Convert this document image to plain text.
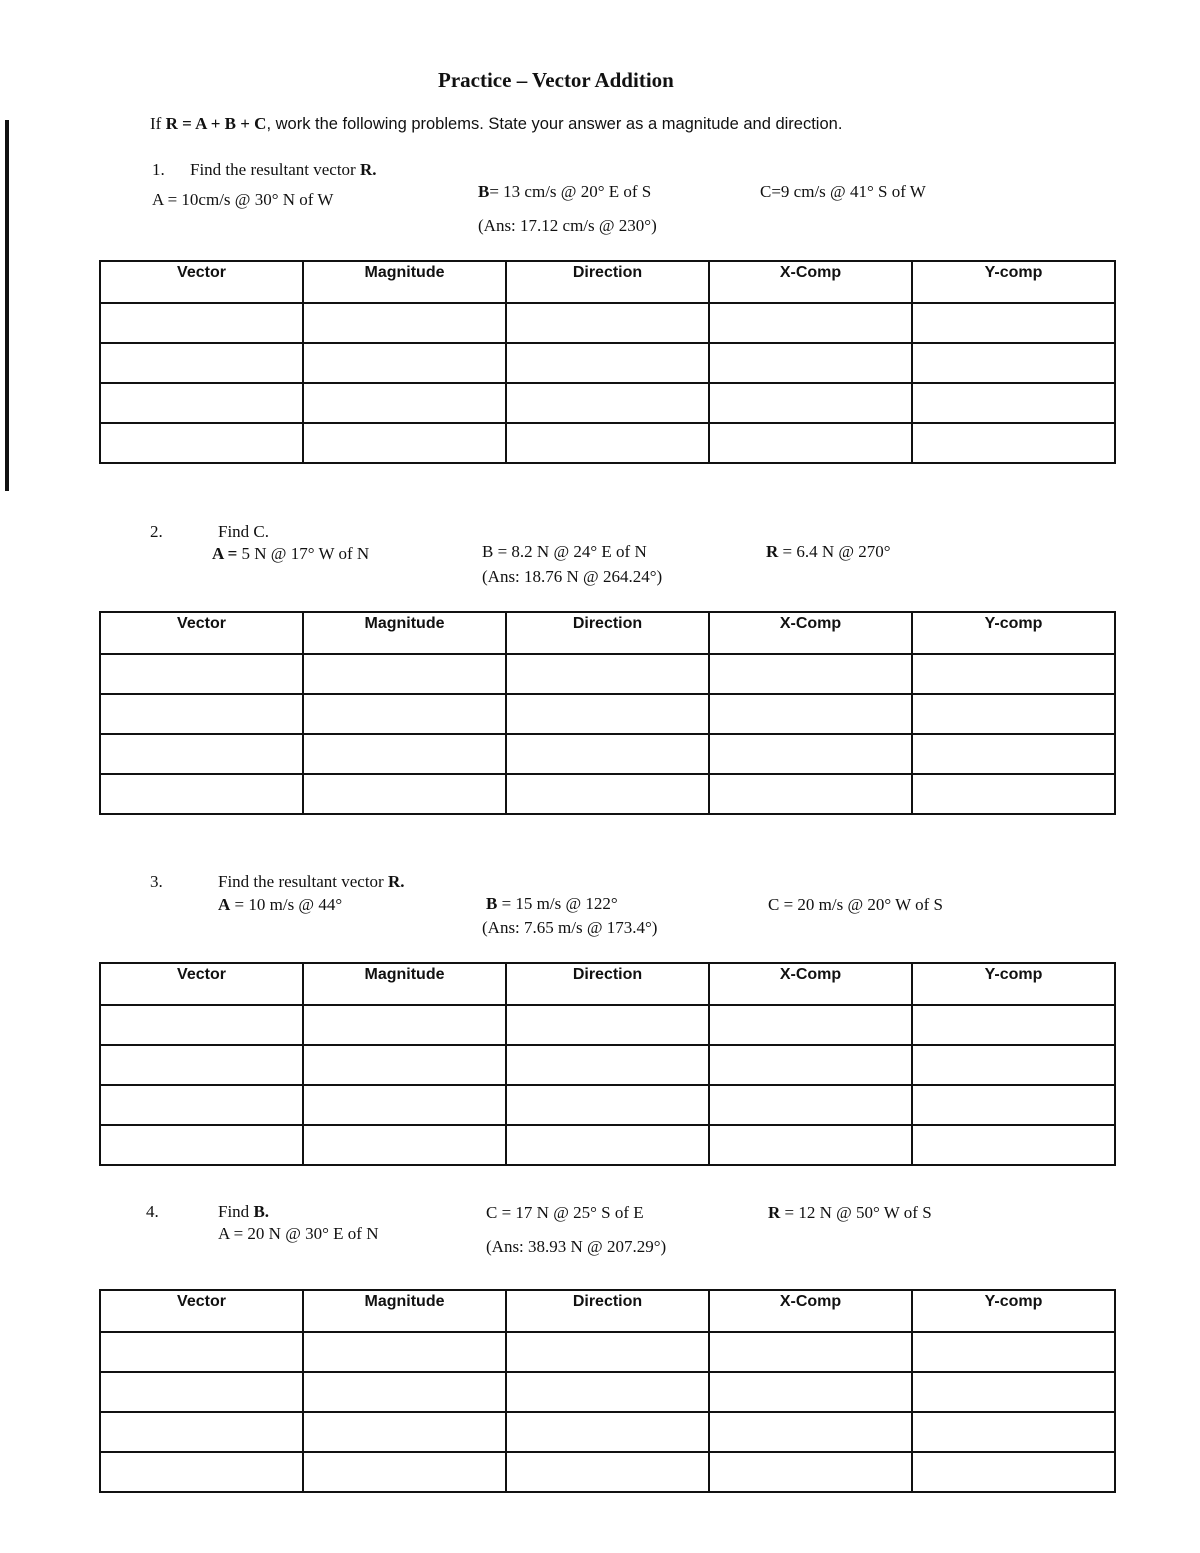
Practice – Vector Addition
If R = A + B + C, work the following problems. State your answer as a magnitude and direction.
1. Find the resultant vector R.
A = 10cm/s @ 30° N of W	B= 13 cm/s @ 20° E of S	C=9 cm/s @ 41° S of W
(Ans: 17.12 cm/s @ 230°)
Vector	Magnitude	Direction	X-Comp	Y-comp

2.	Find C.
A = 5 N @ 17° W of N	B = 8.2 N @ 24° E of N	R = 6.4 N @ 270°
(Ans: 18.76 N @ 264.24°)
Vector	Magnitude	Direction	X-Comp	Y-comp

3.	Find the resultant vector R.
A = 10 m/s @ 44°	B = 15 m/s @ 122°	C = 20 m/s @ 20° W of S
(Ans: 7.65 m/s @ 173.4°)
Vector	Magnitude	Direction	X-Comp	Y-comp

4.	Find B.
A = 20 N @ 30° E of N
C = 17 N @ 25° S of E	R = 12 N @ 50° W of S
(Ans: 38.93 N @ 207.29°)
Vector	Magnitude	Direction	X-Comp	Y-comp
